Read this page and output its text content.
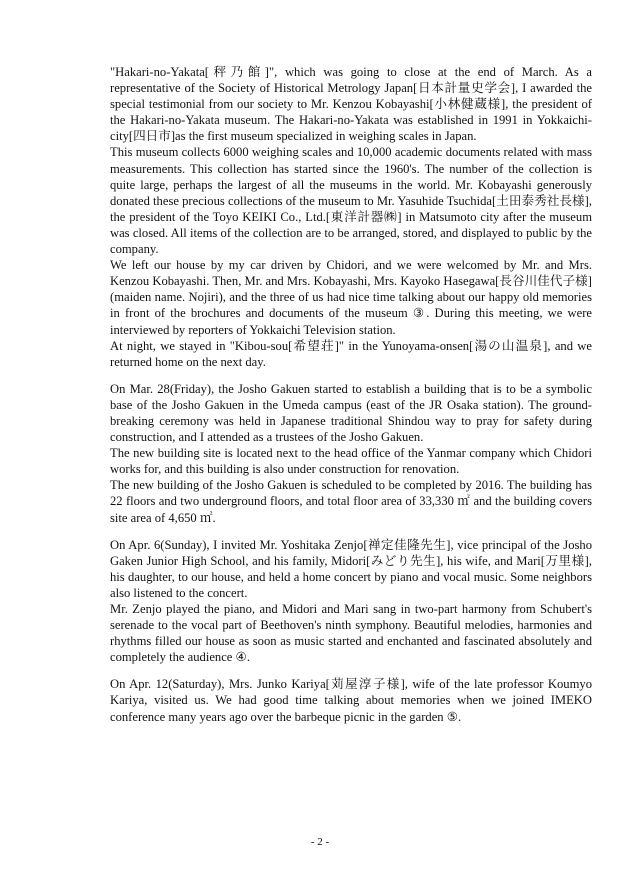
"Hakari-no-Yakata[秤乃館]", which was going to close at the end of March. As a representative of the Society of Historical Metrology Japan[日本計量史学会], I awarded the special testimonial from our society to Mr. Kenzou Kobayashi[小林健蔵様], the president of the Hakari-no-Yakata museum. The Hakari-no-Yakata was established in 1991 in Yokkaichi-city[四日市]as the first museum specialized in weighing scales in Japan.

This museum collects 6000 weighing scales and 10,000 academic documents related with mass measurements. This collection has started since the 1960's. The number of the collection is quite large, perhaps the largest of all the museums in the world. Mr. Kobayashi generously donated these precious collections of the museum to Mr. Yasuhide Tsuchida[土田泰秀社長様], the president of the Toyo KEIKI Co., Ltd.[東洋計器㈱] in Matsumoto city after the museum was closed. All items of the collection are to be arranged, stored, and displayed to public by the company.

We left our house by my car driven by Chidori, and we were welcomed by Mr. and Mrs. Kenzou Kobayashi. Then, Mr. and Mrs. Kobayashi, Mrs. Kayoko Hasegawa[長谷川佳代子様] (maiden name. Nojiri), and the three of us had nice time talking about our happy old memories in front of the brochures and documents of the museum ③. During this meeting, we were interviewed by reporters of Yokkaichi Television station.

At night, we stayed in "Kibou-sou[希望荘]" in the Yunoyama-onsen[湯の山温泉], and we returned home on the next day.

On Mar. 28(Friday), the Josho Gakuen started to establish a building that is to be a symbolic base of the Josho Gakuen in the Umeda campus (east of the JR Osaka station). The ground-breaking ceremony was held in Japanese traditional Shindou way to pray for safety during construction, and I attended as a trustees of the Josho Gakuen.

The new building site is located next to the head office of the Yanmar company which Chidori works for, and this building is also under construction for renovation.

The new building of the Josho Gakuen is scheduled to be completed by 2016. The building has 22 floors and two underground floors, and total floor area of 33,330 ㎡ and the building covers site area of 4,650 ㎡.

On Apr. 6(Sunday), I invited Mr. Yoshitaka Zenjo[禅定佳隆先生], vice principal of the Josho Gaken Junior High School, and his family, Midori[みどり先生], his wife, and Mari[万里様], his daughter, to our house, and held a home concert by piano and vocal music. Some neighbors also listened to the concert.

Mr. Zenjo played the piano, and Midori and Mari sang in two-part harmony from Schubert's serenade to the vocal part of Beethoven's ninth symphony. Beautiful melodies, harmonies and rhythms filled our house as soon as music started and enchanted and fascinated absolutely and completely the audience ④.

On Apr. 12(Saturday), Mrs. Junko Kariya[苅屋淳子様], wife of the late professor Koumyo Kariya, visited us. We had good time talking about memories when we joined IMEKO conference many years ago over the barbeque picnic in the garden ⑤.

- 2 -
